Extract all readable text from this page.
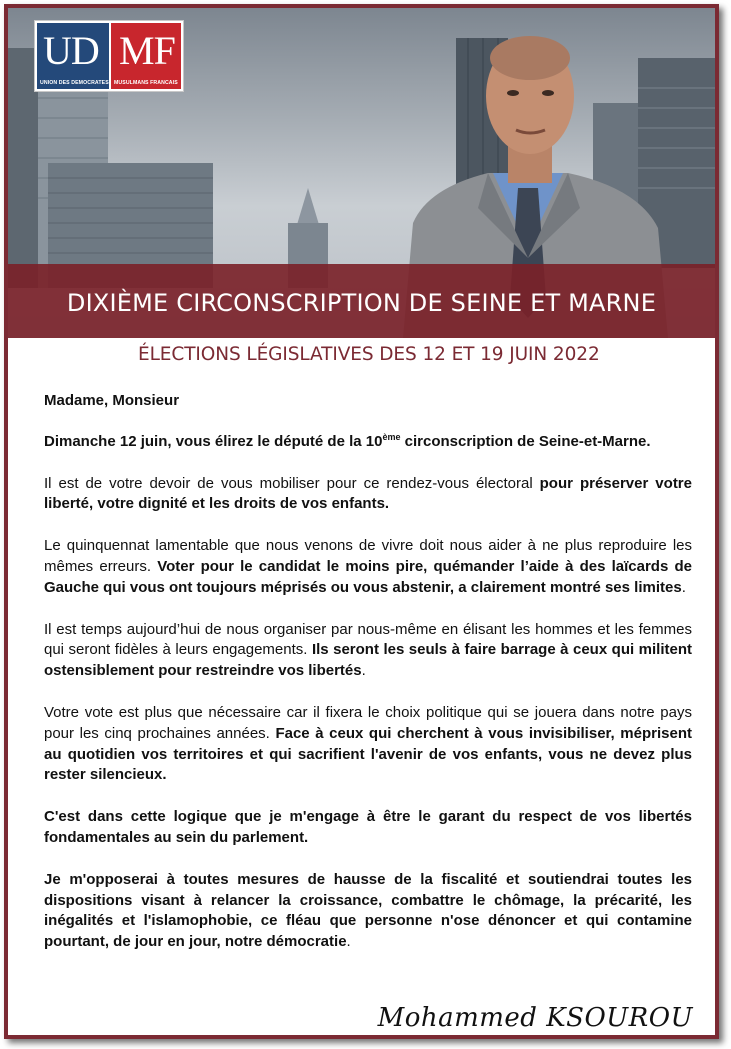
UD
UNION DES DEMOCRATES
MF
MUSULMANS FRANCAIS
DIXIÈME CIRCONSCRIPTION DE SEINE ET MARNE
ÉLECTIONS LÉGISLATIVES DES 12 ET 19 JUIN 2022

Madame, Monsieur

Dimanche 12 juin, vous élirez le député de la 10ème circonscription de Seine-et-Marne.

Il est de votre devoir de vous mobiliser pour ce rendez-vous électoral pour préserver votre liberté, votre dignité et les droits de vos enfants.

Le quinquennat lamentable que nous venons de vivre doit nous aider à ne plus reproduire les mêmes erreurs. Voter pour le candidat le moins pire, quémander l’aide à des laïcards de Gauche qui vous ont toujours méprisés ou vous abstenir, a clairement montré ses limites.

Il est temps aujourd’hui de nous organiser par nous-même en élisant les hommes et les femmes qui seront fidèles à leurs engagements. Ils seront les seuls à faire barrage à ceux qui militent ostensiblement pour restreindre vos libertés.

Votre vote est plus que nécessaire car il fixera le choix politique qui se jouera dans notre pays pour les cinq prochaines années. Face à ceux qui cherchent à vous invisibiliser, méprisent au quotidien vos territoires et qui sacrifient l'avenir de vos enfants, vous ne devez plus rester silencieux.

C'est dans cette logique que je m'engage à être le garant du respect de vos libertés fondamentales au sein du parlement.

Je m'opposerai à toutes mesures de hausse de la fiscalité et soutiendrai toutes les dispositions visant à relancer la croissance, combattre le chômage, la précarité, les inégalités et l'islamophobie, ce fléau que personne n'ose dénoncer et qui contamine pourtant, de jour en jour, notre démocratie.

Mohammed KSOUROU
